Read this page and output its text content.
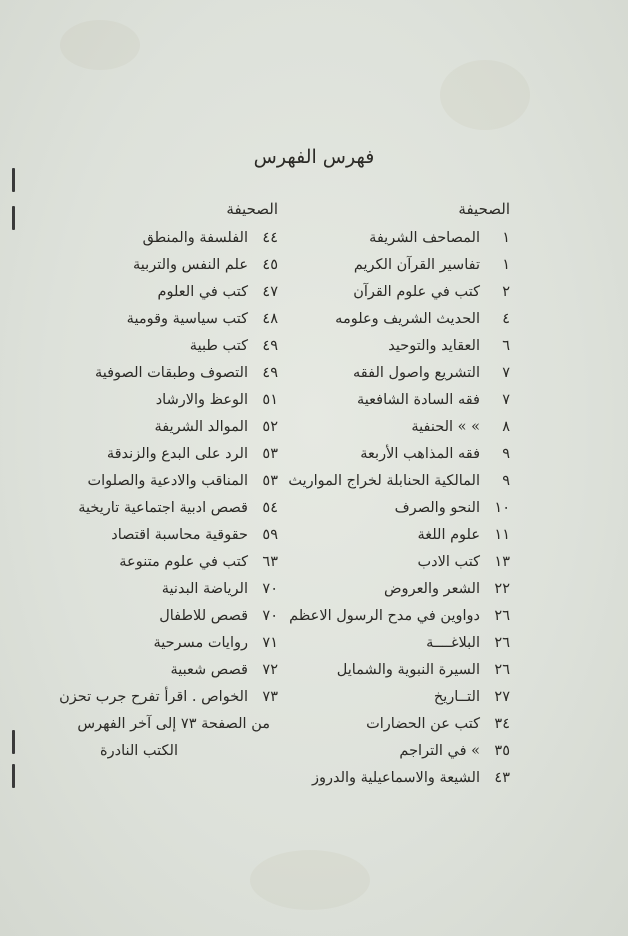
فهرس الفهرس
الصحيفة
الصحيفة
١
المصاحف الشريفة
١
تفاسير القرآن الكريم
٢
كتب في علوم القرآن
٤
الحديث الشريف وعلومه
٦
العقايد والتوحيد
٧
التشريع واصول الفقه
٧
فقه السادة الشافعية
٨
» » الحنفية
٩
فقه المذاهب الأربعة
٩
المالكية الحنابلة لخراج المواريث
١٠
النحو والصرف
١١
علوم اللغة
١٣
كتب الادب
٢٢
الشعر والعروض
٢٦
دواوين في مدح الرسول الاعظم
٢٦
البلاغــــة
٢٦
السيرة النبوية والشمايل
٢٧
التــاريخ
٣٤
كتب عن الحضارات
٣٥
» في التراجم
٤٣
الشيعة والاسماعيلية والدروز
٤٤
الفلسفة والمنطق
٤٥
علم النفس والتربية
٤٧
كتب في العلوم
٤٨
كتب سياسية وقومية
٤٩
كتب طبية
٤٩
التصوف وطبقات الصوفية
٥١
الوعظ والارشاد
٥٢
الموالد الشريفة
٥٣
الرد على البدع والزندقة
٥٣
المناقب والادعية والصلوات
٥٤
قصص ادبية اجتماعية تاريخية
٥٩
حقوقية محاسبة اقتصاد
٦٣
كتب في علوم متنوعة
٧٠
الرياضة البدنية
٧٠
قصص للاطفال
٧١
روايات مسرحية
٧٢
قصص شعبية
٧٣
الخواص . اقرأ تفرح جرب تحزن
من الصفحة ٧٣ إلى آخر الفهرس
الكتب النادرة
